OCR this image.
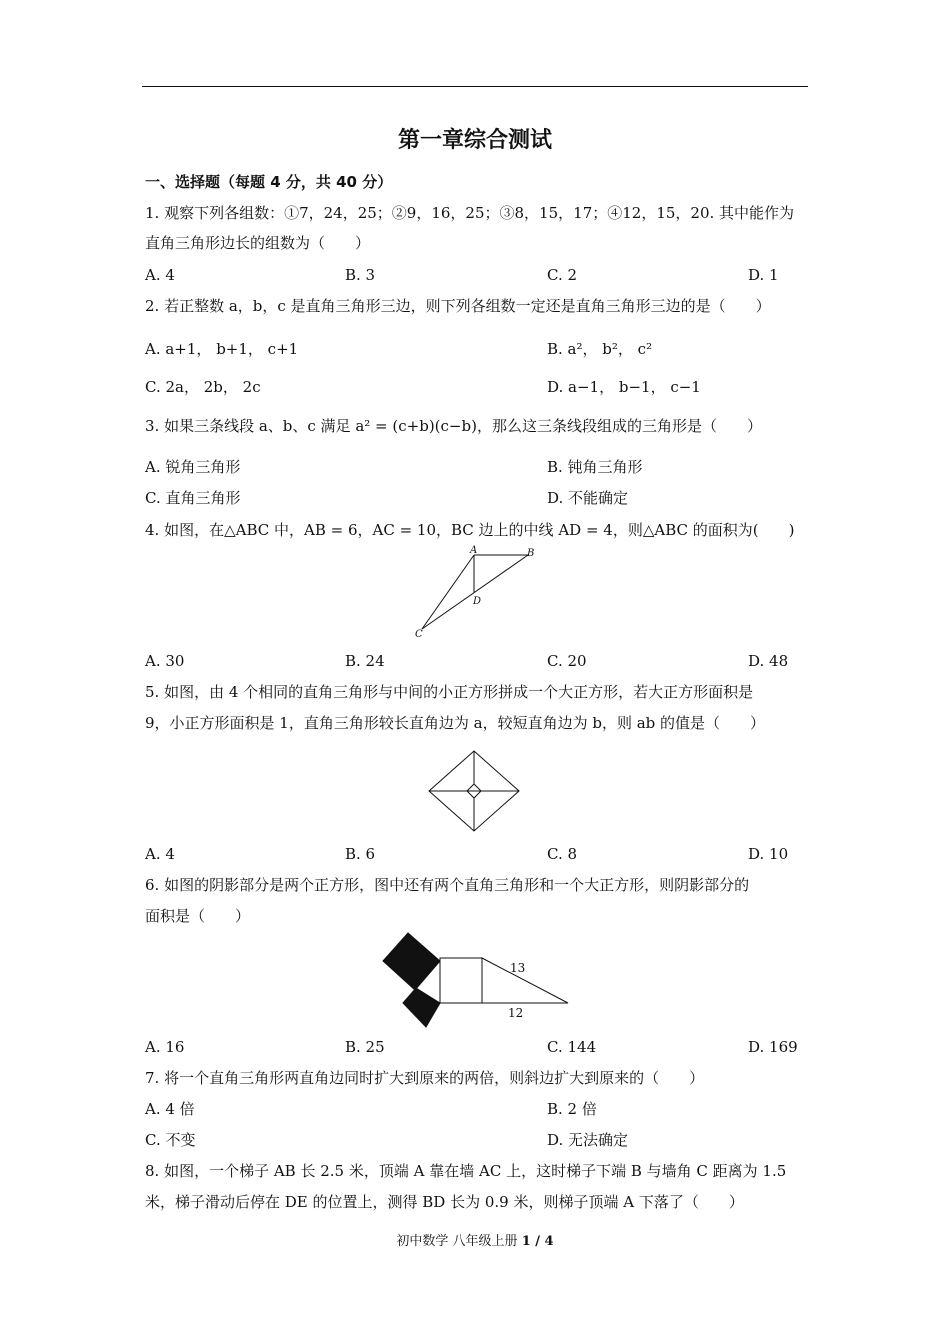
第一章综合测试
一、选择题（每题 4 分，共 40 分）
1. 观察下列各组数：①7，24，25；②9，16，25；③8，15，17；④12，15，20. 其中能作为
直角三角形边长的组数为（　　）
A. 4	B. 3	C. 2	D. 1
2. 若正整数 a，b，c 是直角三角形三边，则下列各组数一定还是直角三角形三边的是（　　）
A. a+1， b+1， c+1	B. a²， b²， c²
C. 2a， 2b， 2c	D. a−1， b−1， c−1
3. 如果三条线段 a、b、c 满足 a² = (c+b)(c−b)，那么这三条线段组成的三角形是（　　）
A. 锐角三角形	B. 钝角三角形
C. 直角三角形	D. 不能确定
4. 如图，在△ABC 中，AB = 6，AC = 10，BC 边上的中线 AD = 4，则△ABC 的面积为(　　)
A	B
D
C
A. 30	B. 24	C. 20	D. 48
5. 如图，由 4 个相同的直角三角形与中间的小正方形拼成一个大正方形，若大正方形面积是
9，小正方形面积是 1，直角三角形较长直角边为 a，较短直角边为 b，则 ab 的值是（　　）
A. 4	B. 6	C. 8	D. 10
6. 如图的阴影部分是两个正方形，图中还有两个直角三角形和一个大正方形，则阴影部分的
面积是（　　）
13
12
A. 16	B. 25	C. 144	D. 169
7. 将一个直角三角形两直角边同时扩大到原来的两倍，则斜边扩大到原来的（　　）
A. 4 倍	B. 2 倍
C. 不变	D. 无法确定
8. 如图，一个梯子 AB 长 2.5 米，顶端 A 靠在墙 AC 上，这时梯子下端 B 与墙角 C 距离为 1.5
米，梯子滑动后停在 DE 的位置上，测得 BD 长为 0.9 米，则梯子顶端 A 下落了（　　）
初中数学 八年级上册 1 / 4
